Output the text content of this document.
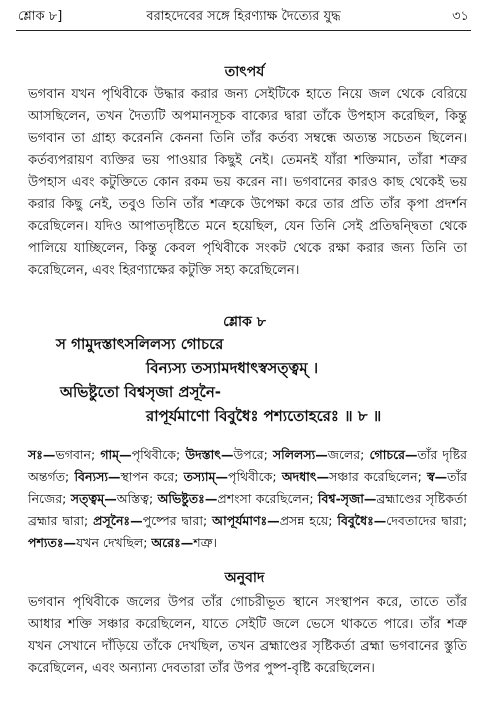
শ্লোক ৮]	বরাহদেবের সঙ্গে হিরণ্যাক্ষ দৈত্যের যুদ্ধ	৩১
তাৎপর্য
ভগবান যখন পৃথিবীকে উদ্ধার করার জন্য সেইটিকে হাতে নিয়ে জল থেকে বেরিয়ে আসছিলেন, তখন দৈত্যটি অপমানসূচক বাক্যের দ্বারা তাঁকে উপহাস করেছিল, কিন্তু ভগবান তা গ্রাহ্য করেননি কেননা তিনি তাঁর কর্তব্য সম্বন্ধে অত্যন্ত সচেতন ছিলেন। কর্তব্যপরায়ণ ব্যক্তির ভয় পাওয়ার কিছুই নেই। তেমনই যাঁরা শক্তিমান, তাঁরা শত্রুর উপহাস এবং কটুক্তিতে কোন রকম ভয় করেন না। ভগবানের কারও কাছ থেকেই ভয় করার কিছু নেই, তবুও তিনি তাঁর শত্রুকে উপেক্ষা করে তার প্রতি তাঁর কৃপা প্রদর্শন করেছিলেন। যদিও আপাতদৃষ্টিতে মনে হয়েছিল, যেন তিনি সেই প্রতিদ্বন্দ্বিতা থেকে পালিয়ে যাচ্ছিলেন, কিন্তু কেবল পৃথিবীকে সংকট থেকে রক্ষা করার জন্য তিনি তা করেছিলেন, এবং হিরণ্যাক্ষের কটুক্তি সহ্য করেছিলেন।
শ্লোক ৮
স গামুদস্তাৎসলিলস্য গোচরে
বিন্যস্য তস্যামদধাৎস্বসত্ত্বম্ ।
অভিষ্টুতো বিশ্বসৃজা প্রসূনৈ-
রাপূর্যমাণো বিবুধৈঃ পশ্যতোহরেঃ ॥ ৮ ॥
সঃ—ভগবান; গাম্—পৃথিবীকে; উদস্তাৎ—উপরে; সলিলস্য—জলের; গোচরে—তাঁর দৃষ্টির অন্তর্গত; বিন্যস্য—স্থাপন করে; তস্যাম্—পৃথিবীকে; অদধাৎ—সঞ্চার করেছিলেন; স্ব—তাঁর নিজের; সত্ত্বম্—অস্তিত্ব; অভিষ্টুতঃ—প্রশংসা করেছিলেন; বিশ্ব-সৃজা—ব্রহ্মাণ্ডের সৃষ্টিকর্তা ব্রহ্মার দ্বারা; প্রসূনৈঃ—পুষ্পের দ্বারা; আপূর্যমাণঃ—প্রসন্ন হয়ে; বিবুধৈঃ—দেবতাদের দ্বারা; পশ্যতঃ—যখন দেখছিল; অরেঃ—শত্রু।
অনুবাদ
ভগবান পৃথিবীকে জলের উপর তাঁর গোচরীভূত স্থানে সংস্থাপন করে, তাতে তাঁর আধার শক্তি সঞ্চার করেছিলেন, যাতে সেইটি জলে ভেসে থাকতে পারে। তাঁর শত্রু যখন সেখানে দাঁড়িয়ে তাঁকে দেখছিল, তখন ব্রহ্মাণ্ডের সৃষ্টিকর্তা ব্রহ্মা ভগবানের স্তুতি করেছিলেন, এবং অন্যান্য দেবতারা তাঁর উপর পুষ্প-বৃষ্টি করেছিলেন।
